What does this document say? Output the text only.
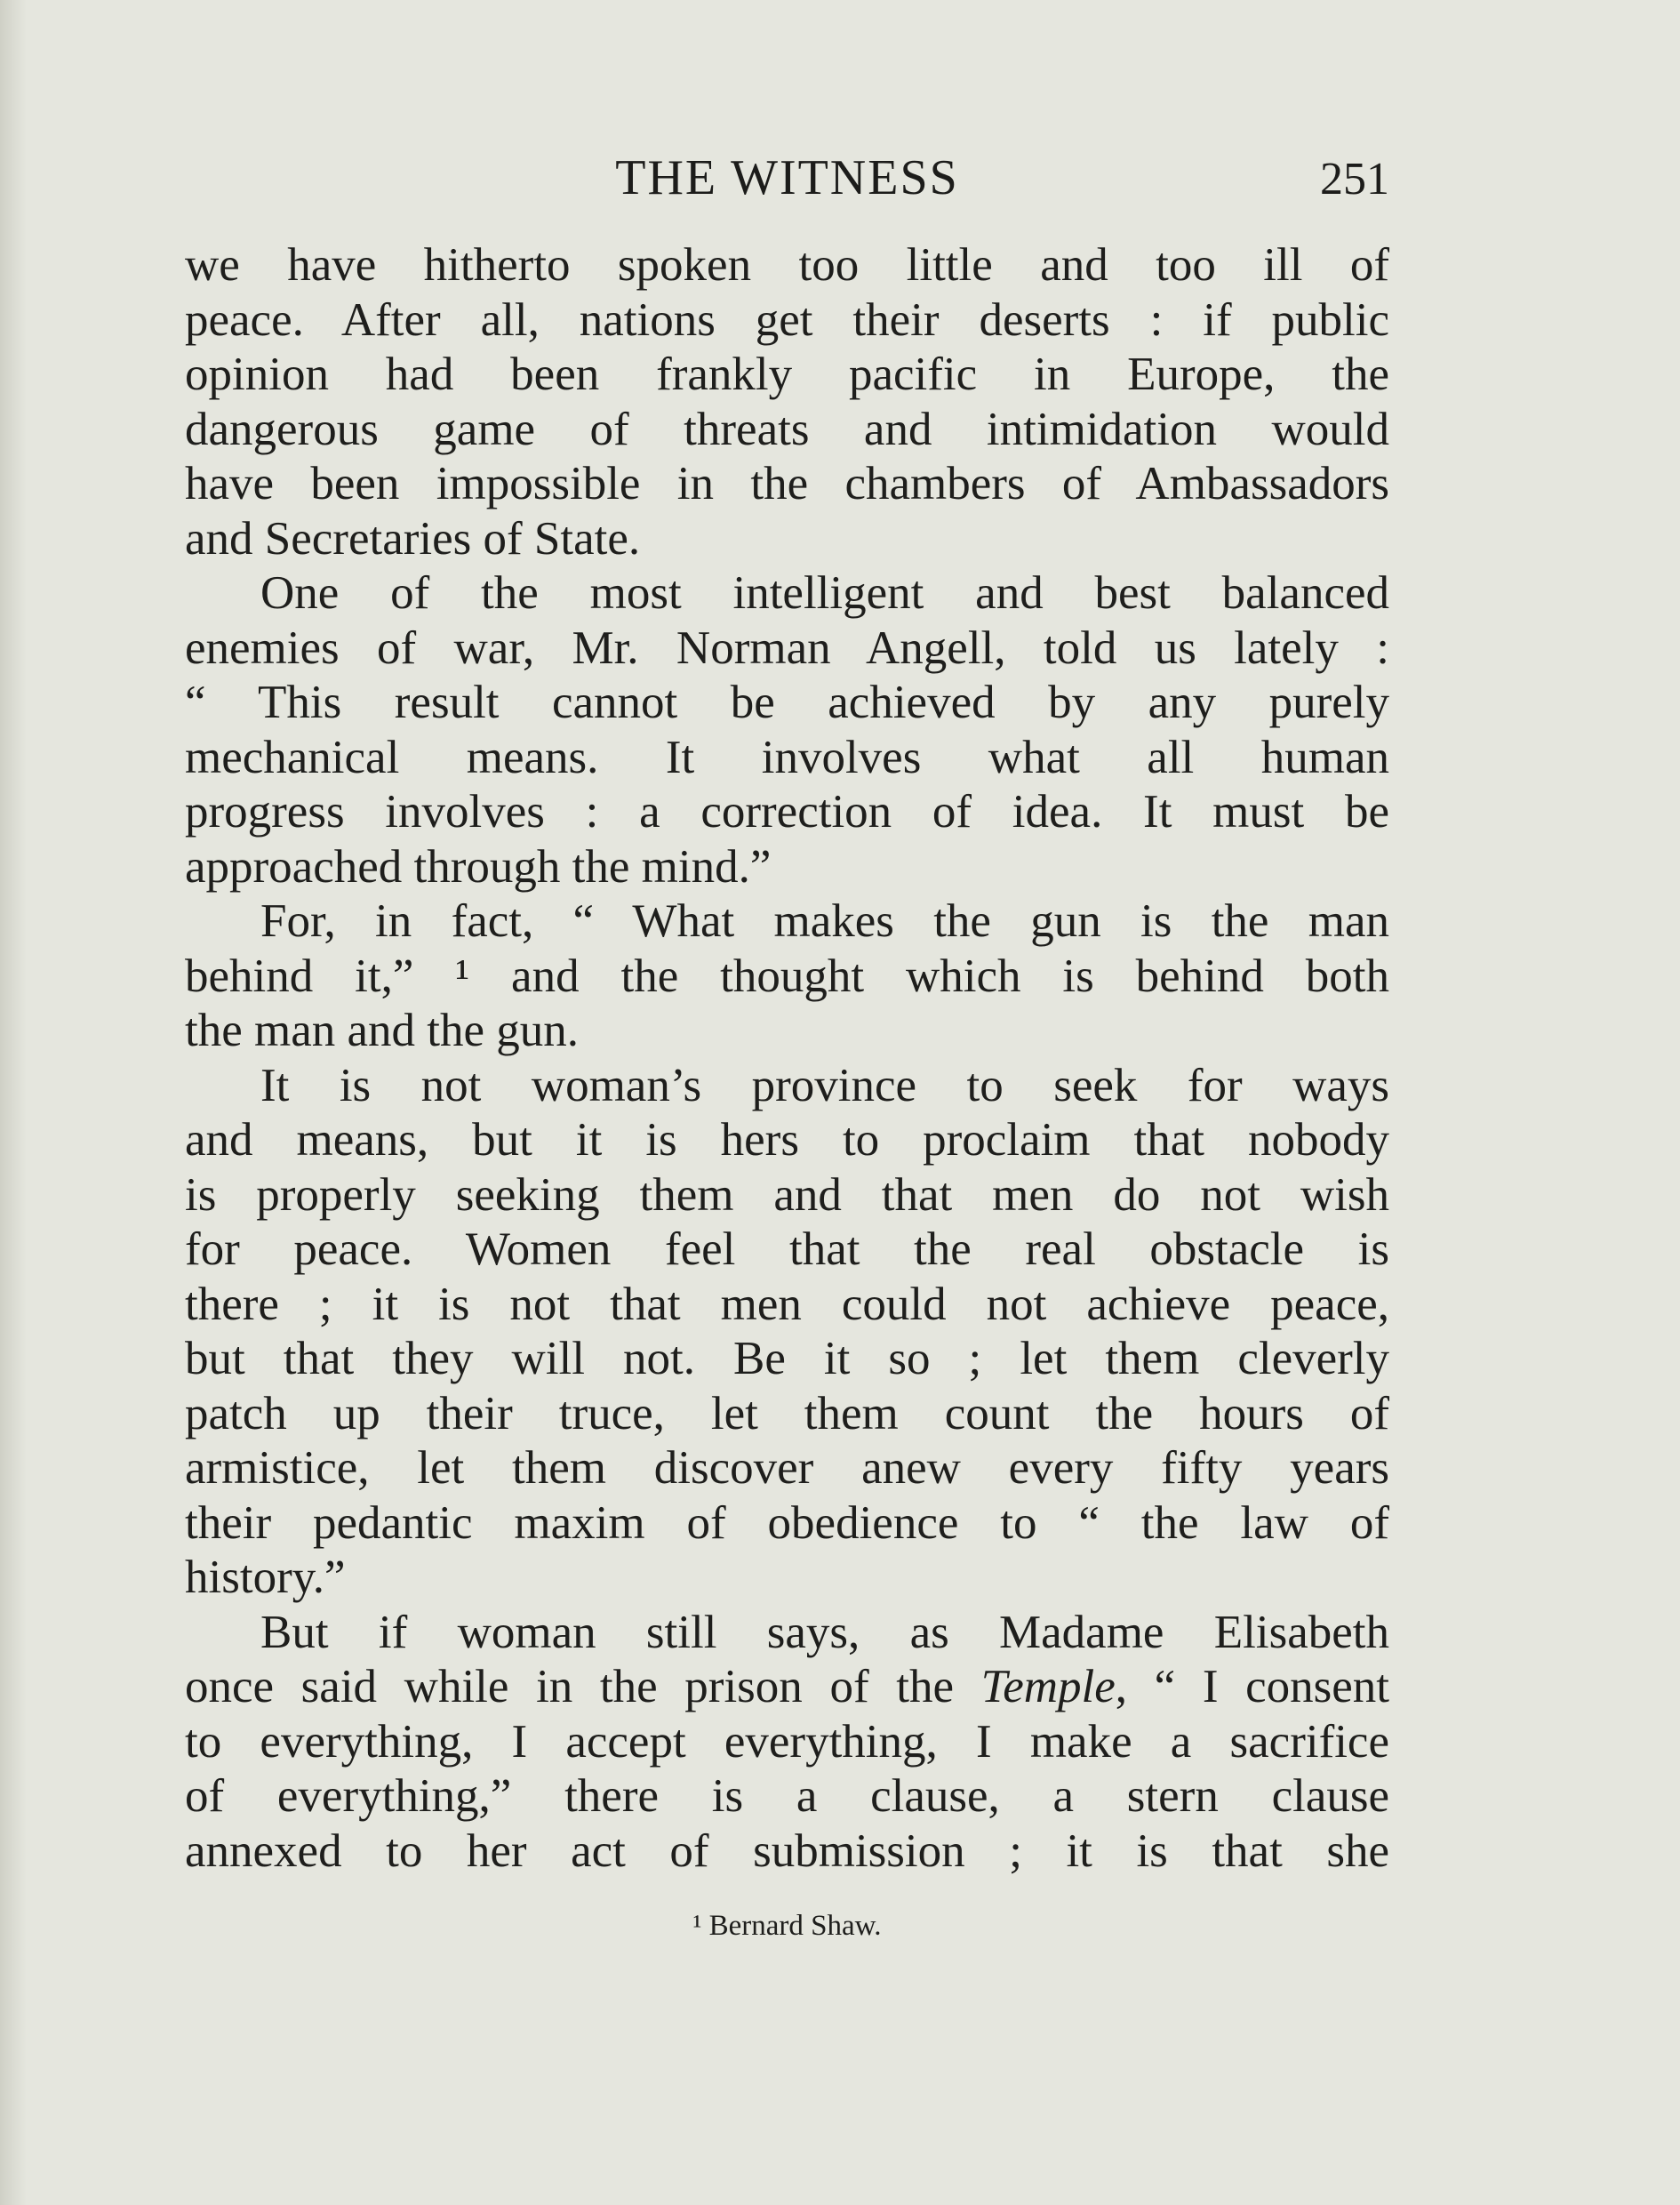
THE WITNESS	251
we have hitherto spoken too little and too ill of
peace. After all, nations get their deserts : if public
opinion had been frankly pacific in Europe, the
dangerous game of threats and intimidation would
have been impossible in the chambers of Ambassadors
and Secretaries of State.
One of the most intelligent and best balanced
enemies of war, Mr. Norman Angell, told us lately :
“ This result cannot be achieved by any purely
mechanical means. It involves what all human
progress involves : a correction of idea. It must be
approached through the mind.”
For, in fact, “ What makes the gun is the man
behind it,” ¹ and the thought which is behind both
the man and the gun.
It is not woman’s province to seek for ways
and means, but it is hers to proclaim that nobody
is properly seeking them and that men do not wish
for peace. Women feel that the real obstacle is
there ; it is not that men could not achieve peace,
but that they will not. Be it so ; let them cleverly
patch up their truce, let them count the hours of
armistice, let them discover anew every fifty years
their pedantic maxim of obedience to “ the law of
history.”
But if woman still says, as Madame Elisabeth
once said while in the prison of the Temple, “ I consent
to everything, I accept everything, I make a sacrifice
of everything,” there is a clause, a stern clause
annexed to her act of submission ; it is that she
¹ Bernard Shaw.
